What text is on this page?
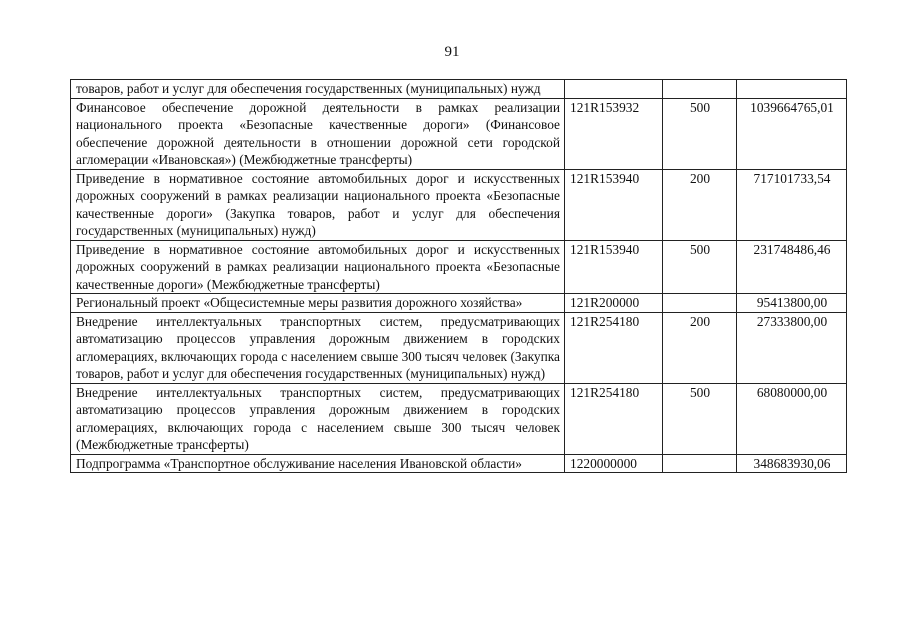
91
товаров, работ и услуг для обеспечения государственных (муниципальных) нужд			
Финансовое обеспечение дорожной деятельности в рамках реализации национального проекта «Безопасные качественные дороги» (Финансовое обеспечение дорожной деятельности в отношении дорожной сети городской агломерации «Ивановская») (Межбюджетные трансферты)	121R153932	500	1039664765,01
Приведение в нормативное состояние автомобильных дорог и искусственных дорожных сооружений в рамках реализации национального проекта «Безопасные качественные дороги» (Закупка товаров, работ и услуг для обеспечения государственных (муниципальных) нужд)	121R153940	200	717101733,54
Приведение в нормативное состояние автомобильных дорог и искусственных дорожных сооружений в рамках реализации национального проекта «Безопасные качественные дороги» (Межбюджетные трансферты)	121R153940	500	231748486,46
Региональный проект «Общесистемные меры развития дорожного хозяйства»	121R200000		95413800,00
Внедрение интеллектуальных транспортных систем, предусматривающих автоматизацию процессов управления дорожным движением в городских агломерациях, включающих города с населением свыше 300 тысяч человек (Закупка товаров, работ и услуг для обеспечения государственных (муниципальных) нужд)	121R254180	200	27333800,00
Внедрение интеллектуальных транспортных систем, предусматривающих автоматизацию процессов управления дорожным движением в городских агломерациях, включающих города с населением свыше 300 тысяч человек (Межбюджетные трансферты)	121R254180	500	68080000,00
Подпрограмма «Транспортное обслуживание населения Ивановской области»	1220000000		348683930,06
